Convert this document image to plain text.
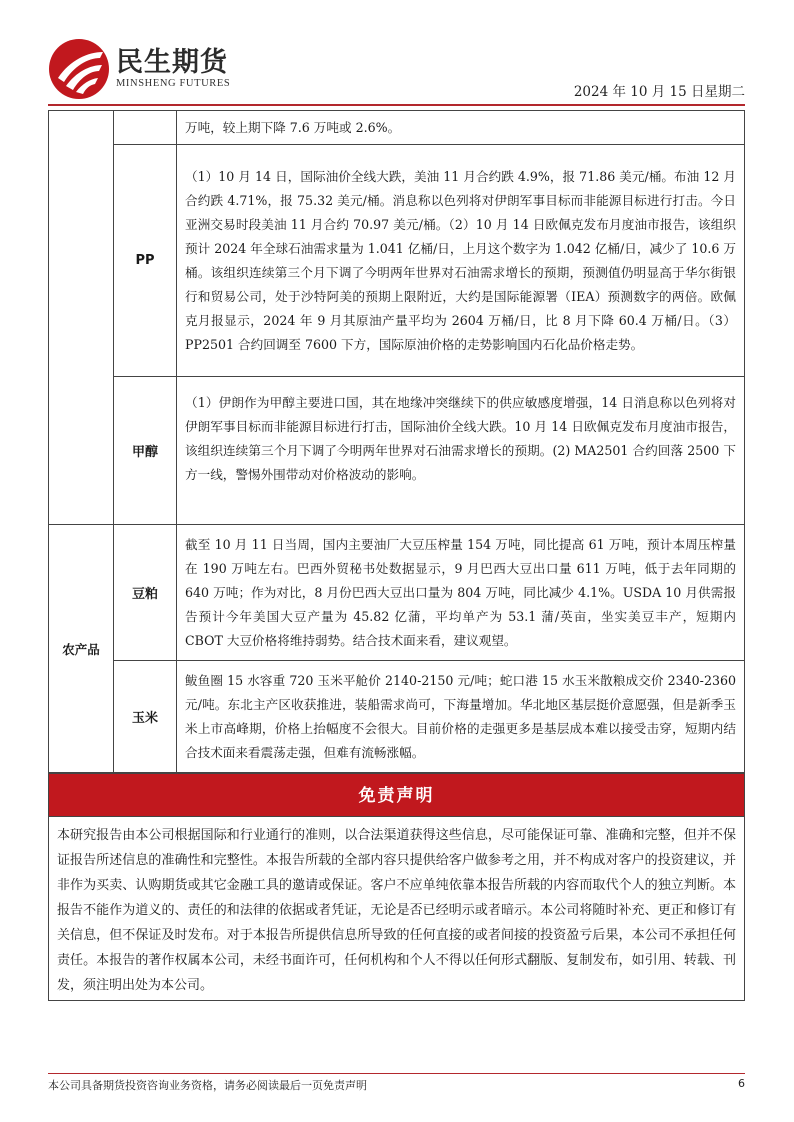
民生期货
MINSHENG FUTURES
2024 年 10 月 15 日星期二

		万吨，较上期下降 7.6 万吨或 2.6%。

	PP	（1）10 月 14 日，国际油价全线大跌，美油 11 月合约跌 4.9%，报 71.86 美元/桶。布油 12 月合约跌 4.71%，报 75.32 美元/桶。消息称以色列将对伊朗军事目标而非能源目标进行打击。今日亚洲交易时段美油 11 月合约 70.97 美元/桶。（2）10 月 14 日欧佩克发布月度油市报告，该组织预计 2024 年全球石油需求量为 1.041 亿桶/日，上月这个数字为 1.042 亿桶/日，减少了 10.6 万桶。该组织连续第三个月下调了今明两年世界对石油需求增长的预期，预测值仍明显高于华尔街银行和贸易公司，处于沙特阿美的预期上限附近，大约是国际能源署（IEA）预测数字的两倍。欧佩克月报显示，2024 年 9 月其原油产量平均为 2604 万桶/日，比 8 月下降 60.4 万桶/日。（3）PP2501 合约回调至 7600 下方，国际原油价格的走势影响国内石化品价格走势。

	甲醇	（1）伊朗作为甲醇主要进口国，其在地缘冲突继续下的供应敏感度增强，14 日消息称以色列将对伊朗军事目标而非能源目标进行打击，国际油价全线大跌。10 月 14 日欧佩克发布月度油市报告，该组织连续第三个月下调了今明两年世界对石油需求增长的预期。(2) MA2501 合约回落 2500 下方一线，警惕外围带动对价格波动的影响。

农产品	豆粕	截至 10 月 11 日当周，国内主要油厂大豆压榨量 154 万吨，同比提高 61 万吨，预计本周压榨量在 190 万吨左右。巴西外贸秘书处数据显示，9 月巴西大豆出口量 611 万吨，低于去年同期的 640 万吨；作为对比，8 月份巴西大豆出口量为 804 万吨，同比减少 4.1%。USDA 10 月供需报告预计今年美国大豆产量为 45.82 亿蒲，平均单产为 53.1 蒲/英亩，坐实美豆丰产，短期内 CBOT 大豆价格将维持弱势。结合技术面来看，建议观望。

	玉米	鲅鱼圈 15 水容重 720 玉米平舱价 2140-2150 元/吨；蛇口港 15 水玉米散粮成交价 2340-2360 元/吨。东北主产区收获推进，装船需求尚可，下海量增加。华北地区基层挺价意愿强，但是新季玉米上市高峰期，价格上抬幅度不会很大。目前价格的走强更多是基层成本难以接受击穿，短期内结合技术面来看震荡走强，但难有流畅涨幅。

免责声明
本研究报告由本公司根据国际和行业通行的准则，以合法渠道获得这些信息，尽可能保证可靠、准确和完整，但并不保证报告所述信息的准确性和完整性。本报告所载的全部内容只提供给客户做参考之用，并不构成对客户的投资建议，并非作为买卖、认购期货或其它金融工具的邀请或保证。客户不应单纯依靠本报告所载的内容而取代个人的独立判断。本报告不能作为道义的、责任的和法律的依据或者凭证，无论是否已经明示或者暗示。本公司将随时补充、更正和修订有关信息，但不保证及时发布。对于本报告所提供信息所导致的任何直接的或者间接的投资盈亏后果，本公司不承担任何责任。本报告的著作权属本公司，未经书面许可，任何机构和个人不得以任何形式翻版、复制发布，如引用、转载、刊发，须注明出处为本公司。
本公司具备期货投资咨询业务资格，请务必阅读最后一页免责声明	6
